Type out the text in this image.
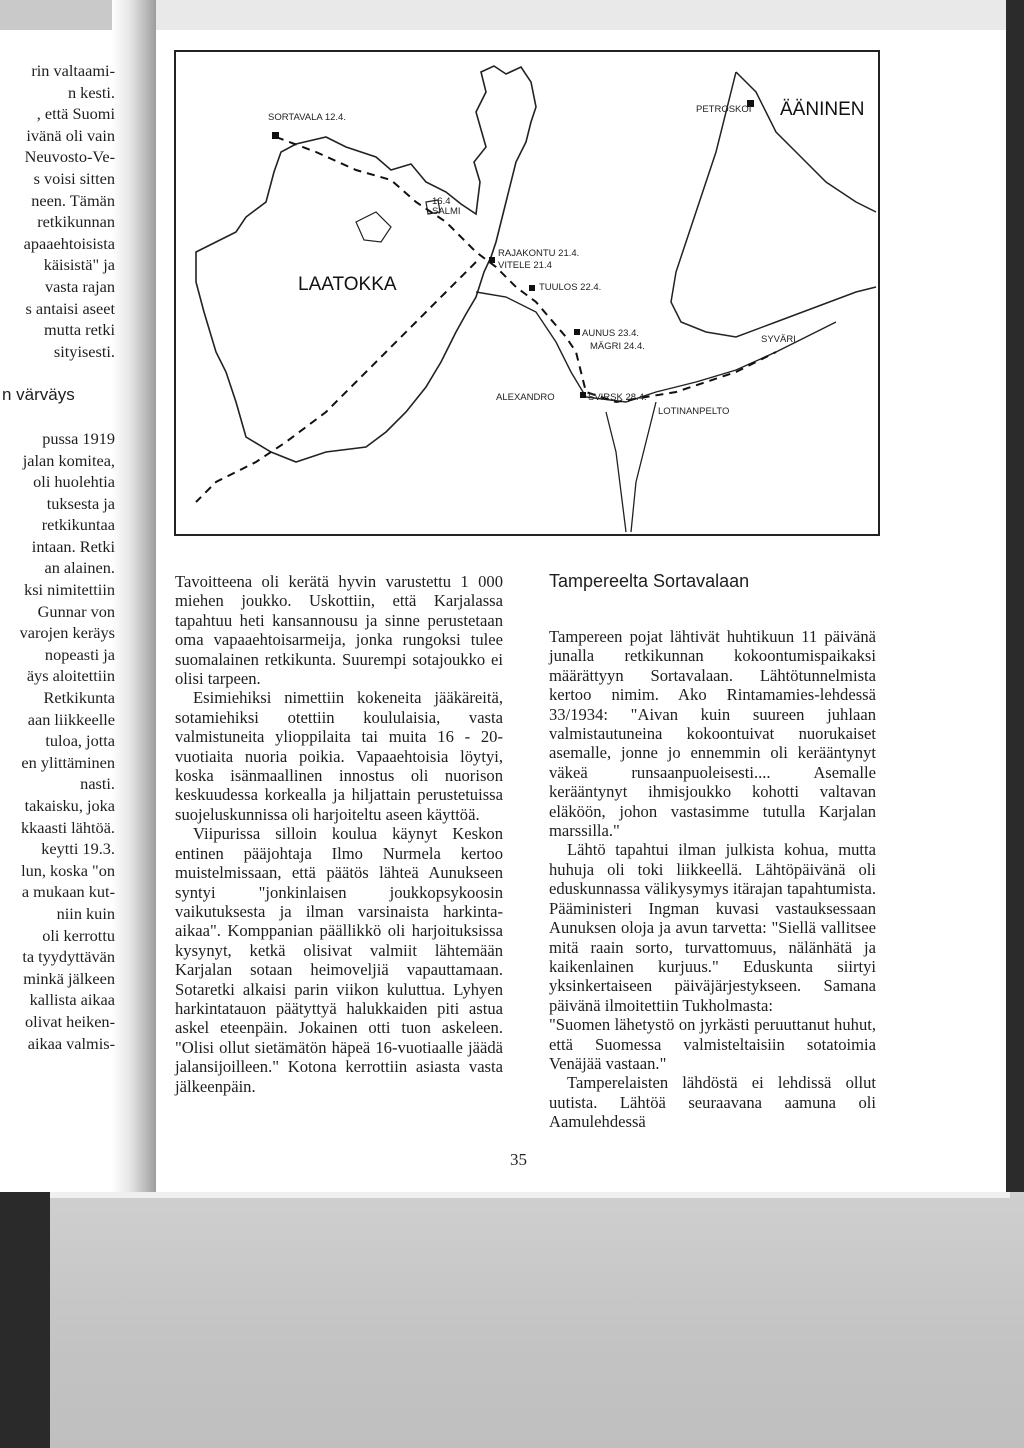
rin valtaami-
n kesti.
, että Suomi
ivänä oli vain
Neuvosto-Ve-
s voisi sitten
neen. Tämän
retkikunnan
apaaehtoisista
käisistä" ja
vasta rajan
s antaisi aseet
mutta retki
sityisesti.
n värväys
pussa 1919
jalan komitea,
oli huolehtia
tuksesta ja
retkikuntaa
intaan. Retki
an alainen.
ksi nimitettiin
Gunnar von
varojen keräys
nopeasti ja
äys aloitettiin
Retkikunta
aan liikkeelle
tuloa, jotta
en ylittäminen
nasti.
takaisku, joka
kkaasti lähtöä.
keytti 19.3.
lun, koska "on
a mukaan kut-
niin kuin
oli kerrottu
ta tyydyttävän
minkä jälkeen
kallista aikaa
olivat heiken-
aikaa valmis-
SORTAVALA 12.4.
LAATOKKA
16.4
SALMI
PETROSKOI ÄÄNINEN
RAJAKONTU 21.4.
VITELE 21.4
TUULOS 22.4.
AUNUS 23.4.
MÄGRI 24.4.
SYVÄRI
ALEXANDRO	SVIRSK 28.4.
LOTINANPELTO

Tavoitteena oli kerätä hyvin varustettu 1 000 miehen joukko. Uskottiin, että Karjalassa tapahtuu heti kansannousu ja sinne perustetaan oma vapaaehtoisarmeija, jonka rungoksi tulee suomalainen retkikunta. Suurempi sotajoukko ei olisi tarpeen.

Esimiehiksi nimettiin kokeneita jääkäreitä, sotamiehiksi otettiin koululaisia, vasta valmistuneita ylioppilaita tai muita 16 - 20-vuotiaita nuoria poikia. Vapaaehtoisia löytyi, koska isänmaallinen innostus oli nuorison keskuudessa korkealla ja hiljattain perustetuissa suojeluskunnissa oli harjoiteltu aseen käyttöä.

Viipurissa silloin koulua käynyt Keskon entinen pääjohtaja Ilmo Nurmela kertoo muistelmissaan, että päätös lähteä Aunukseen syntyi "jonkinlaisen joukkopsykoosin vaikutuksesta ja ilman varsinaista harkinta-aikaa". Komppanian päällikkö oli harjoituksissa kysynyt, ketkä olisivat valmiit lähtemään Karjalan sotaan heimoveljiä vapauttamaan. Sotaretki alkaisi parin viikon kuluttua. Lyhyen harkintatauon päätyttyä halukkaiden piti astua askel eteenpäin. Jokainen otti tuon askeleen. "Olisi ollut sietämätön häpeä 16-vuotiaalle jäädä jalansijoilleen." Kotona kerrottiin asiasta vasta jälkeenpäin.

Tampereelta Sortavalaan

Tampereen pojat lähtivät huhtikuun 11 päivänä junalla retkikunnan kokoontumispaikaksi määrättyyn Sortavalaan. Lähtötunnelmista kertoo nimim. Ako Rintamamies-lehdessä 33/1934: "Aivan kuin suureen juhlaan valmistautuneina kokoontuivat nuorukaiset asemalle, jonne jo ennemmin oli kerääntynyt väkeä runsaanpuoleisesti.... Asemalle kerääntynyt ihmisjoukko kohotti valtavan eläköön, johon vastasimme tutulla Karjalan marssilla."

Lähtö tapahtui ilman julkista kohua, mutta huhuja oli toki liikkeellä. Lähtöpäivänä oli eduskunnassa välikysymys itärajan tapahtumista. Pääministeri Ingman kuvasi vastauksessaan Aunuksen oloja ja avun tarvetta: "Siellä vallitsee mitä raain sorto, turvattomuus, nälänhätä ja kaikenlainen kurjuus." Eduskunta siirtyi yksinkertaiseen päiväjärjestykseen. Samana päivänä ilmoitettiin Tukholmasta:

"Suomen lähetystö on jyrkästi peruuttanut huhut, että Suomessa valmisteltaisiin sotatoimia Venäjää vastaan."

Tamperelaisten lähdöstä ei lehdissä ollut uutista. Lähtöä seuraavana aamuna oli Aamulehdessä

35
